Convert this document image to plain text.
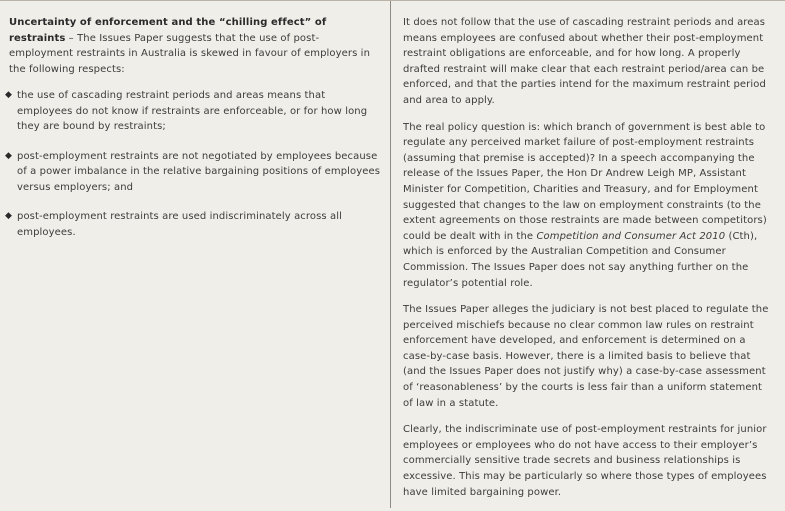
Uncertainty of enforcement and the “chilling effect” of restraints – The Issues Paper suggests that the use of post-employment restraints in Australia is skewed in favour of employers in the following respects:

◆ the use of cascading restraint periods and areas means that employees do not know if restraints are enforceable, or for how long they are bound by restraints;
◆ post-employment restraints are not negotiated by employees because of a power imbalance in the relative bargaining positions of employees versus employers; and
◆ post-employment restraints are used indiscriminately across all employees.

It does not follow that the use of cascading restraint periods and areas means employees are confused about whether their post-employment restraint obligations are enforceable, and for how long. A properly drafted restraint will make clear that each restraint period/area can be enforced, and that the parties intend for the maximum restraint period and area to apply.

The real policy question is: which branch of government is best able to regulate any perceived market failure of post-employment restraints (assuming that premise is accepted)? In a speech accompanying the release of the Issues Paper, the Hon Dr Andrew Leigh MP, Assistant Minister for Competition, Charities and Treasury, and for Employment suggested that changes to the law on employment constraints (to the extent agreements on those restraints are made between competitors) could be dealt with in the Competition and Consumer Act 2010 (Cth), which is enforced by the Australian Competition and Consumer Commission. The Issues Paper does not say anything further on the regulator’s potential role.

The Issues Paper alleges the judiciary is not best placed to regulate the perceived mischiefs because no clear common law rules on restraint enforcement have developed, and enforcement is determined on a case-by-case basis. However, there is a limited basis to believe that (and the Issues Paper does not justify why) a case-by-case assessment of ‘reasonableness’ by the courts is less fair than a uniform statement of law in a statute.

Clearly, the indiscriminate use of post-employment restraints for junior employees or employees who do not have access to their employer’s commercially sensitive trade secrets and business relationships is excessive. This may be particularly so where those types of employees have limited bargaining power.
